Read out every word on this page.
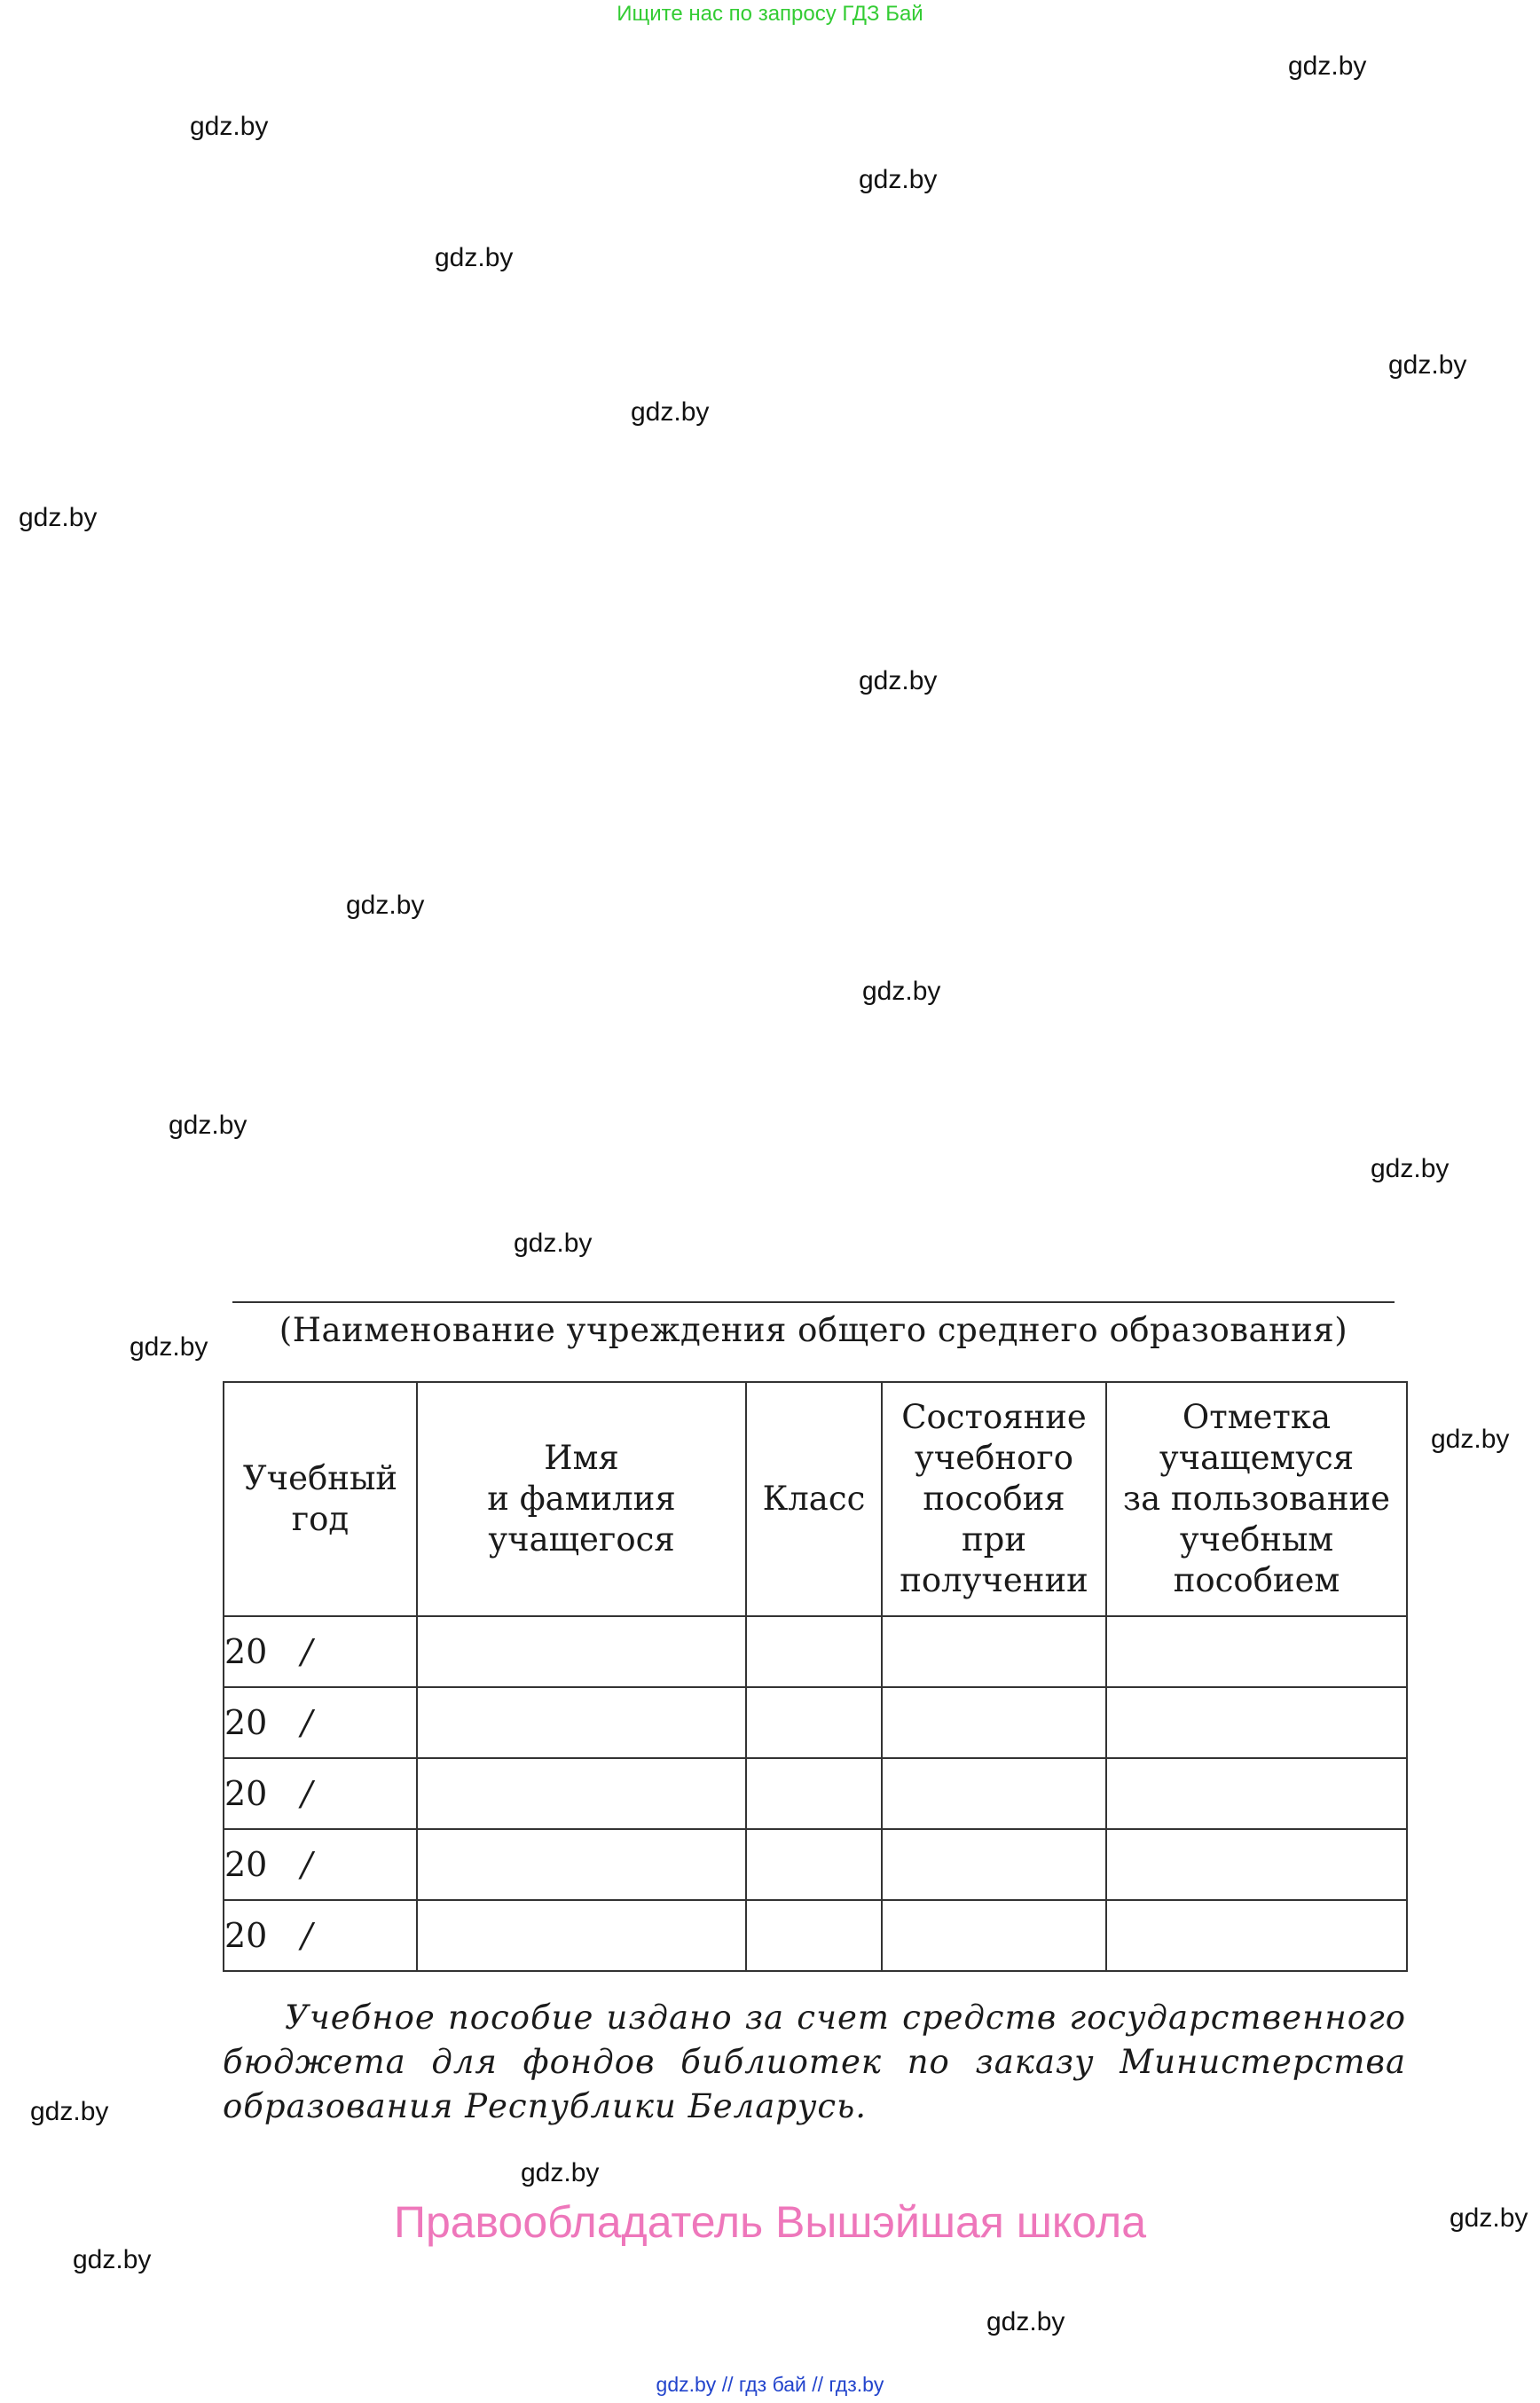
Ищите нас по запросу ГДЗ Бай
gdz.by
gdz.by
gdz.by
gdz.by
gdz.by
gdz.by
gdz.by
gdz.by
gdz.by
gdz.by
gdz.by
gdz.by
gdz.by
gdz.by
gdz.by
gdz.by
gdz.by
gdz.by
gdz.by
gdz.by
(Наименование учреждения общего среднего образования)
Учебный
год	Имя
и фамилия
учащегося	Класс	Состояние
учебного
пособия
при
получении	Отметка
учащемуся
за пользование
учебным
пособием
20 /				
20 /				
20 /				
20 /				
20 /				
Учебное пособие издано за счет средств государственного бюджета для фондов библиотек по заказу Министерства образования Республики Беларусь.
Правообладатель Вышэйшая школа
gdz.by // гдз бай // гдз.by
